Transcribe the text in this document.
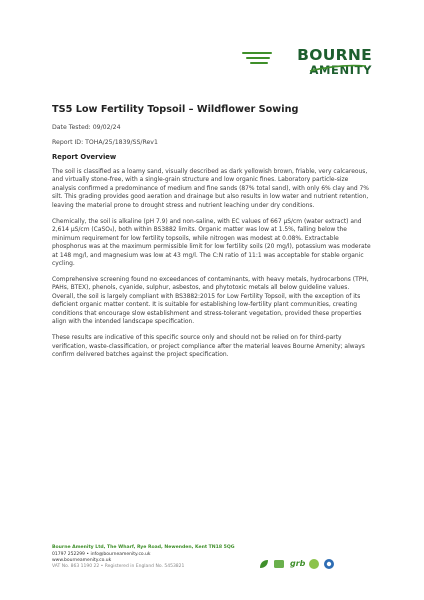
BOURNE
AMENITY
TS5 Low Fertility Topsoil – Wildflower Sowing

Date Tested: 09/02/24

Report ID: TOHA/25/1839/SS/Rev1

Report Overview

The soil is classified as a loamy sand, visually described as dark yellowish brown, friable, very calcareous, and virtually stone-free, with a single-grain structure and low organic fines. Laboratory particle-size analysis confirmed a predominance of medium and fine sands (87% total sand), with only 6% clay and 7% silt. This grading provides good aeration and drainage but also results in low water and nutrient retention, leaving the material prone to drought stress and nutrient leaching under dry conditions.

Chemically, the soil is alkaline (pH 7.9) and non-saline, with EC values of 667 µS/cm (water extract) and 2,614 µS/cm (CaSO₄), both within BS3882 limits. Organic matter was low at 1.5%, falling below the minimum requirement for low fertility topsoils, while nitrogen was modest at 0.08%. Extractable phosphorus was at the maximum permissible limit for low fertility soils (20 mg/l), potassium was moderate at 148 mg/l, and magnesium was low at 43 mg/l. The C:N ratio of 11:1 was acceptable for stable organic cycling.

Comprehensive screening found no exceedances of contaminants, with heavy metals, hydrocarbons (TPH, PAHs, BTEX), phenols, cyanide, sulphur, asbestos, and phytotoxic metals all below guideline values. Overall, the soil is largely compliant with BS3882:2015 for Low Fertility Topsoil, with the exception of its deficient organic matter content. It is suitable for establishing low-fertility plant communities, creating conditions that encourage slow establishment and stress-tolerant vegetation, provided these properties align with the intended landscape specification.

These results are indicative of this specific source only and should not be relied on for third-party verification, waste-classification, or project compliance after the material leaves Bourne Amenity; always confirm delivered batches against the project specification.

Bourne Amenity Ltd, The Wharf, Rye Road, Newenden, Kent TN18 5QG

01797 252299 • info@bourneamenity.co.uk

www.bourneamenity.co.uk

VAT No. 863 1190 22 • Registered in England No. 5453821	grb
